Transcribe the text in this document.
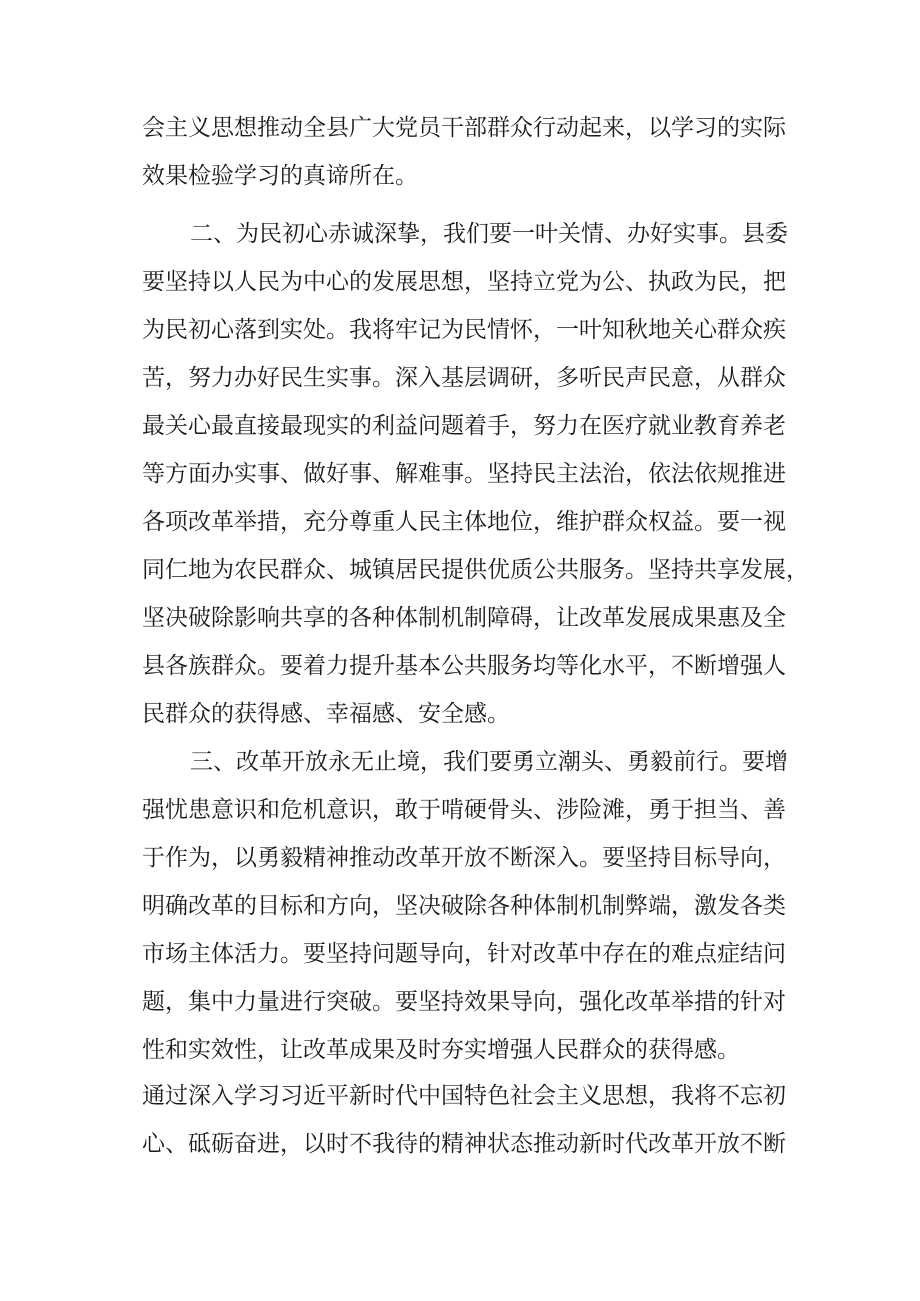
会主义思想推动全县广大党员干部群众行动起来，以学习的实际
效果检验学习的真谛所在。
二、为民初心赤诚深挚，我们要一叶关情、办好实事。县委
要坚持以人民为中心的发展思想，坚持立党为公、执政为民，把
为民初心落到实处。我将牢记为民情怀，一叶知秋地关心群众疾
苦，努力办好民生实事。深入基层调研，多听民声民意，从群众
最关心最直接最现实的利益问题着手，努力在医疗就业教育养老
等方面办实事、做好事、解难事。坚持民主法治，依法依规推进
各项改革举措，充分尊重人民主体地位，维护群众权益。要一视
同仁地为农民群众、城镇居民提供优质公共服务。坚持共享发展，
坚决破除影响共享的各种体制机制障碍，让改革发展成果惠及全
县各族群众。要着力提升基本公共服务均等化水平，不断增强人
民群众的获得感、幸福感、安全感。
三、改革开放永无止境，我们要勇立潮头、勇毅前行。要增
强忧患意识和危机意识，敢于啃硬骨头、涉险滩，勇于担当、善
于作为，以勇毅精神推动改革开放不断深入。要坚持目标导向，
明确改革的目标和方向，坚决破除各种体制机制弊端，激发各类
市场主体活力。要坚持问题导向，针对改革中存在的难点症结问
题，集中力量进行突破。要坚持效果导向，强化改革举措的针对
性和实效性，让改革成果及时夯实增强人民群众的获得感。
通过深入学习习近平新时代中国特色社会主义思想，我将不忘初
心、砥砺奋进，以时不我待的精神状态推动新时代改革开放不断
